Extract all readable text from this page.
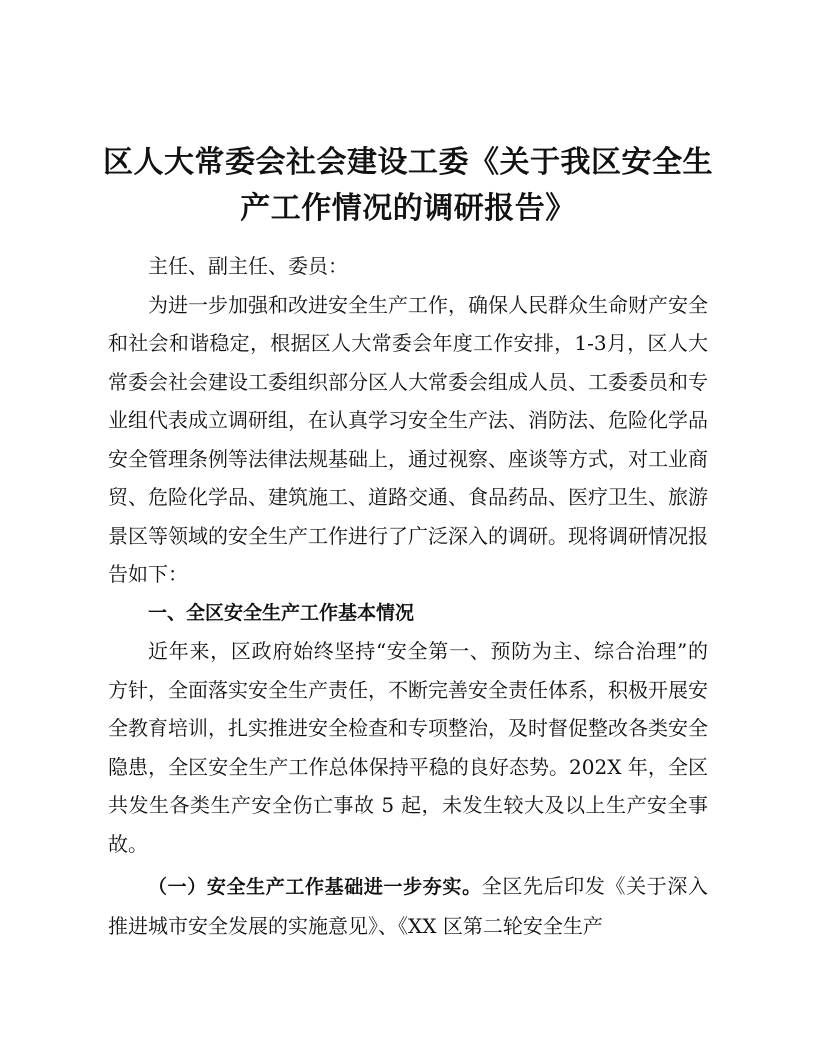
区人大常委会社会建设工委《关于我区安全生
产工作情况的调研报告》

主任、副主任、委员：

为进一步加强和改进安全生产工作，确保人民群众生命财产安全和社会和谐稳定，根据区人大常委会年度工作安排，1-3月，区人大常委会社会建设工委组织部分区人大常委会组成人员、工委委员和专业组代表成立调研组，在认真学习安全生产法、消防法、危险化学品安全管理条例等法律法规基础上，通过视察、座谈等方式，对工业商贸、危险化学品、建筑施工、道路交通、食品药品、医疗卫生、旅游景区等领域的安全生产工作进行了广泛深入的调研。现将调研情况报告如下：

一、全区安全生产工作基本情况

近年来，区政府始终坚持“安全第一、预防为主、综合治理”的方针，全面落实安全生产责任，不断完善安全责任体系，积极开展安全教育培训，扎实推进安全检查和专项整治，及时督促整改各类安全隐患，全区安全生产工作总体保持平稳的良好态势。202X 年，全区共发生各类生产安全伤亡事故 5 起，未发生较大及以上生产安全事故。

（一）安全生产工作基础进一步夯实。全区先后印发《关于深入推进城市安全发展的实施意见》、《XX 区第二轮安全生产
